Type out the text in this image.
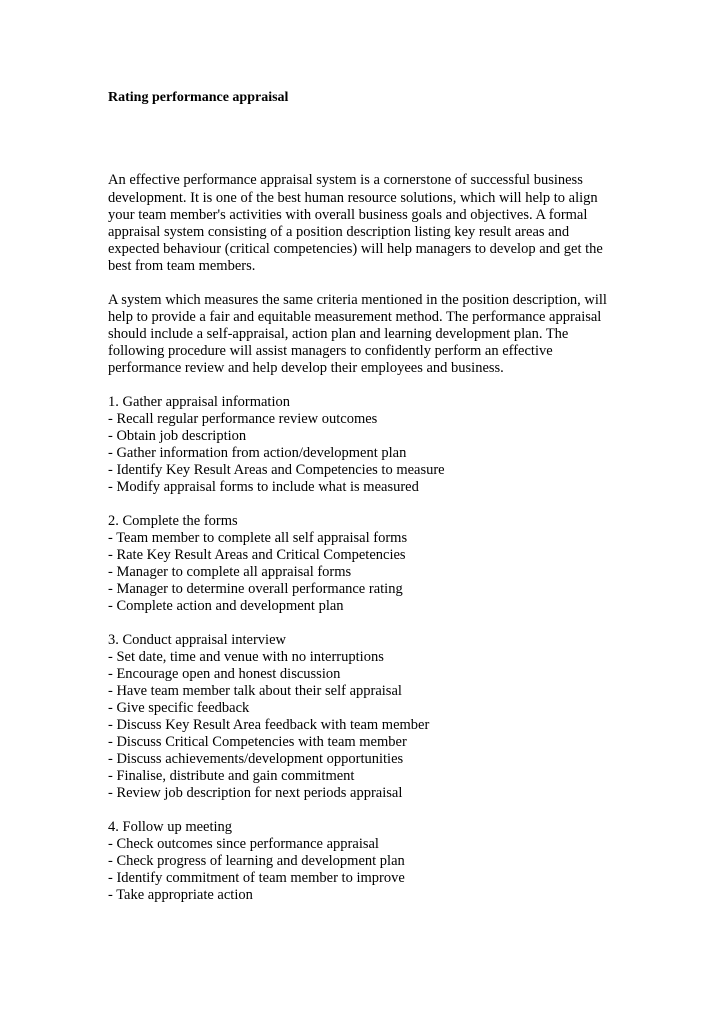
Rating performance appraisal
An effective performance appraisal system is a cornerstone of successful business
development. It is one of the best human resource solutions, which will help to align
your team member's activities with overall business goals and objectives. A formal
appraisal system consisting of a position description listing key result areas and
expected behaviour (critical competencies) will help managers to develop and get the
best from team members.
A system which measures the same criteria mentioned in the position description, will
help to provide a fair and equitable measurement method. The performance appraisal
should include a self-appraisal, action plan and learning development plan. The
following procedure will assist managers to confidently perform an effective
performance review and help develop their employees and business.
1. Gather appraisal information
- Recall regular performance review outcomes
- Obtain job description
- Gather information from action/development plan
- Identify Key Result Areas and Competencies to measure
- Modify appraisal forms to include what is measured
2. Complete the forms
- Team member to complete all self appraisal forms
- Rate Key Result Areas and Critical Competencies
- Manager to complete all appraisal forms
- Manager to determine overall performance rating
- Complete action and development plan
3. Conduct appraisal interview
- Set date, time and venue with no interruptions
- Encourage open and honest discussion
- Have team member talk about their self appraisal
- Give specific feedback
- Discuss Key Result Area feedback with team member
- Discuss Critical Competencies with team member
- Discuss achievements/development opportunities
- Finalise, distribute and gain commitment
- Review job description for next periods appraisal
4. Follow up meeting
- Check outcomes since performance appraisal
- Check progress of learning and development plan
- Identify commitment of team member to improve
- Take appropriate action
